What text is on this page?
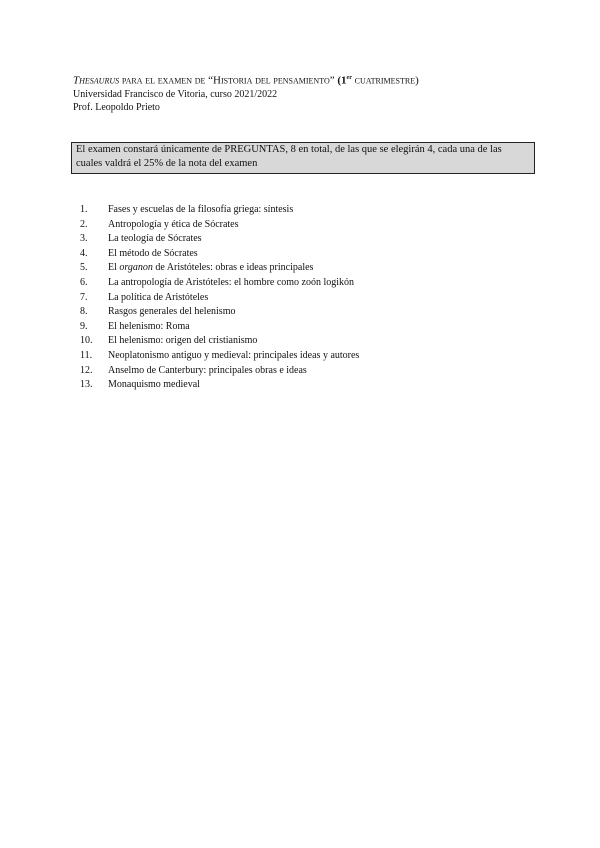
Thesaurus para el examen de “Historia del pensamiento” (1er cuatrimestre)
Universidad Francisco de Vitoria, curso 2021/2022
Prof. Leopoldo Prieto
El examen constará únicamente de PREGUNTAS, 8 en total, de las que se elegirán 4, cada una de las cuales valdrá el 25% de la nota del examen
1.	Fases y escuelas de la filosofía griega: síntesis
2.	Antropología y ética de Sócrates
3.	La teología de Sócrates
4.	El método de Sócrates
5.	El organon de Aristóteles: obras e ideas principales
6.	La antropología de Aristóteles: el hombre como zoón logikón
7.	La política de Aristóteles
8.	Rasgos generales del helenismo
9.	El helenismo: Roma
10.	El helenismo: origen del cristianismo
11.	Neoplatonismo antiguo y medieval: principales ideas y autores
12.	Anselmo de Canterbury: principales obras e ideas
13.	Monaquismo medieval
